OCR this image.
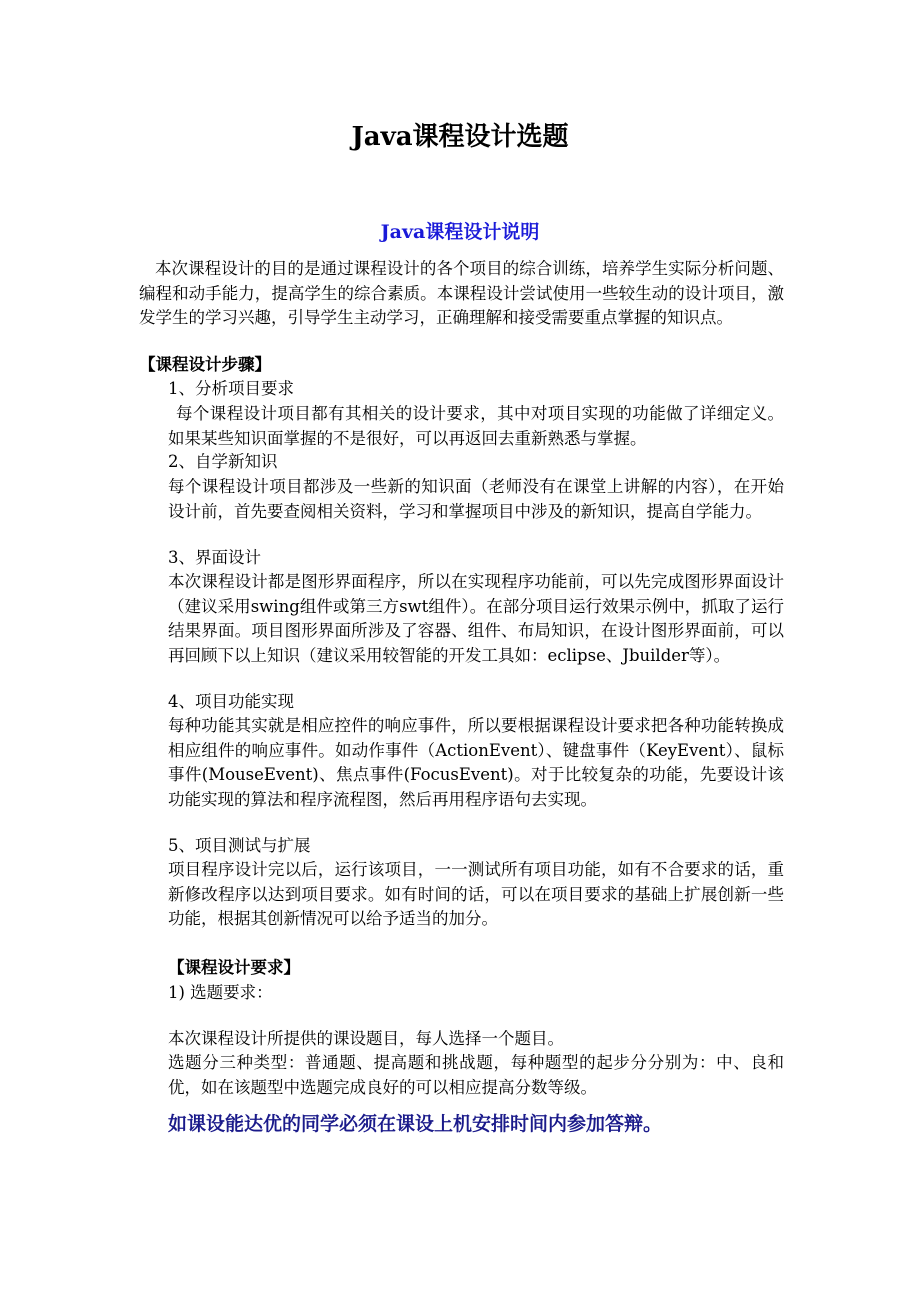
Java课程设计选题
Java课程设计说明
本次课程设计的目的是通过课程设计的各个项目的综合训练，培养学生实际分析问题、编程和动手能力，提高学生的综合素质。本课程设计尝试使用一些较生动的设计项目，激发学生的学习兴趣，引导学生主动学习，正确理解和接受需要重点掌握的知识点。
【课程设计步骤】
1、分析项目要求
每个课程设计项目都有其相关的设计要求，其中对项目实现的功能做了详细定义。如果某些知识面掌握的不是很好，可以再返回去重新熟悉与掌握。
2、自学新知识
每个课程设计项目都涉及一些新的知识面（老师没有在课堂上讲解的内容），在开始设计前，首先要查阅相关资料，学习和掌握项目中涉及的新知识，提高自学能力。
3、界面设计
本次课程设计都是图形界面程序，所以在实现程序功能前，可以先完成图形界面设计（建议采用swing组件或第三方swt组件）。在部分项目运行效果示例中，抓取了运行结果界面。项目图形界面所涉及了容器、组件、布局知识，在设计图形界面前，可以再回顾下以上知识（建议采用较智能的开发工具如：eclipse、Jbuilder等）。
4、项目功能实现
每种功能其实就是相应控件的响应事件，所以要根据课程设计要求把各种功能转换成相应组件的响应事件。如动作事件（ActionEvent）、键盘事件（KeyEvent）、鼠标事件(MouseEvent)、焦点事件(FocusEvent)。对于比较复杂的功能，先要设计该功能实现的算法和程序流程图，然后再用程序语句去实现。
5、项目测试与扩展
项目程序设计完以后，运行该项目，一一测试所有项目功能，如有不合要求的话，重新修改程序以达到项目要求。如有时间的话，可以在项目要求的基础上扩展创新一些功能，根据其创新情况可以给予适当的加分。
【课程设计要求】
1) 选题要求：
本次课程设计所提供的课设题目，每人选择一个题目。
选题分三种类型：普通题、提高题和挑战题，每种题型的起步分分别为：中、良和优，如在该题型中选题完成良好的可以相应提高分数等级。
如课设能达优的同学必须在课设上机安排时间内参加答辩。
